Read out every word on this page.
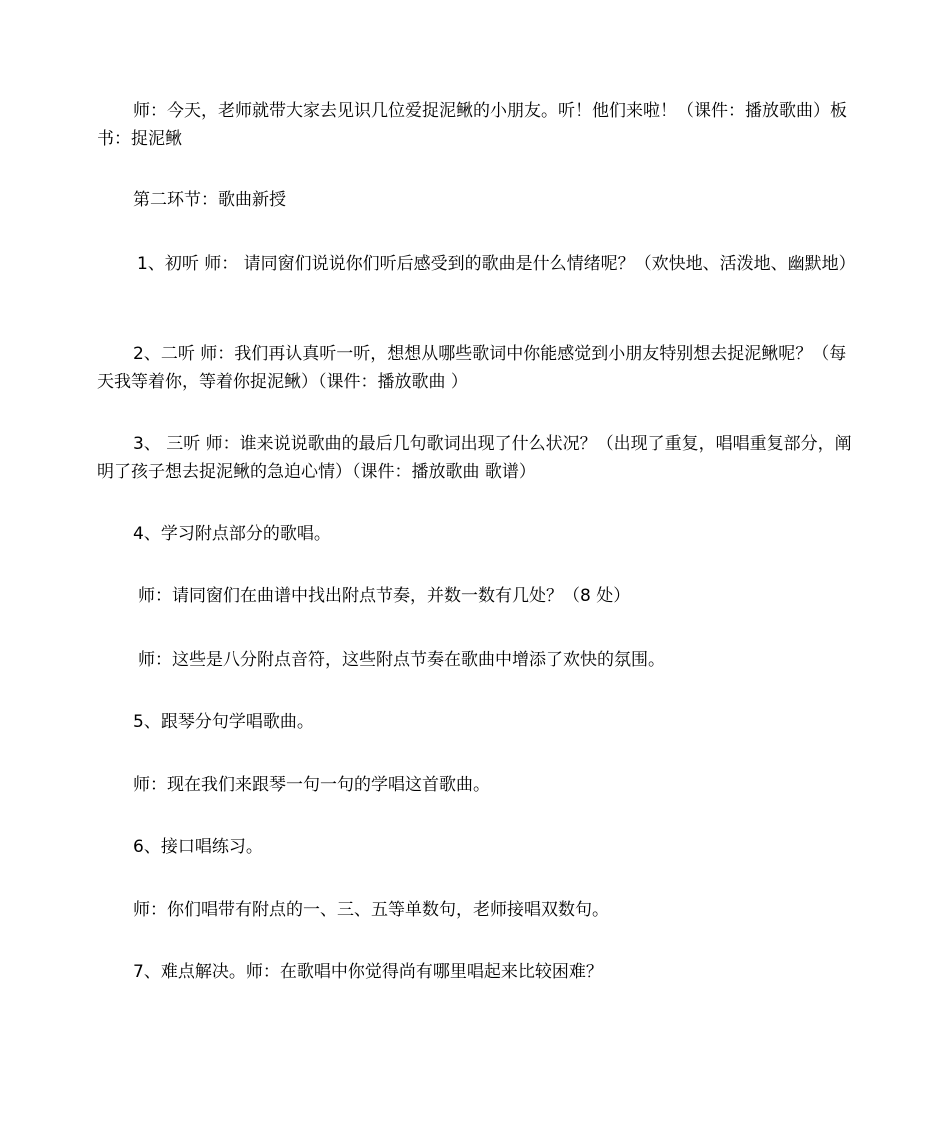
师：今天，老师就带大家去见识几位爱捉泥鳅的小朋友。听！他们来啦！（课件：播放歌曲）板书：捉泥鳅

第二环节：歌曲新授

1、初听 师： 请同窗们说说你们听后感受到的歌曲是什么情绪呢？（欢快地、活泼地、幽默地）

2、二听 师：我们再认真听一听，想想从哪些歌词中你能感觉到小朋友特别想去捉泥鳅呢？（每天我等着你，等着你捉泥鳅）（课件：播放歌曲 ）

3、 三听 师：谁来说说歌曲的最后几句歌词出现了什么状况？（出现了重复，唱唱重复部分，阐明了孩子想去捉泥鳅的急迫心情）（课件：播放歌曲 歌谱）

4、学习附点部分的歌唱。

师：请同窗们在曲谱中找出附点节奏，并数一数有几处？（8 处）

师：这些是八分附点音符，这些附点节奏在歌曲中增添了欢快的氛围。

5、跟琴分句学唱歌曲。

师：现在我们来跟琴一句一句的学唱这首歌曲。

6、接口唱练习。

师：你们唱带有附点的一、三、五等单数句，老师接唱双数句。

7、难点解决。师：在歌唱中你觉得尚有哪里唱起来比较困难？
